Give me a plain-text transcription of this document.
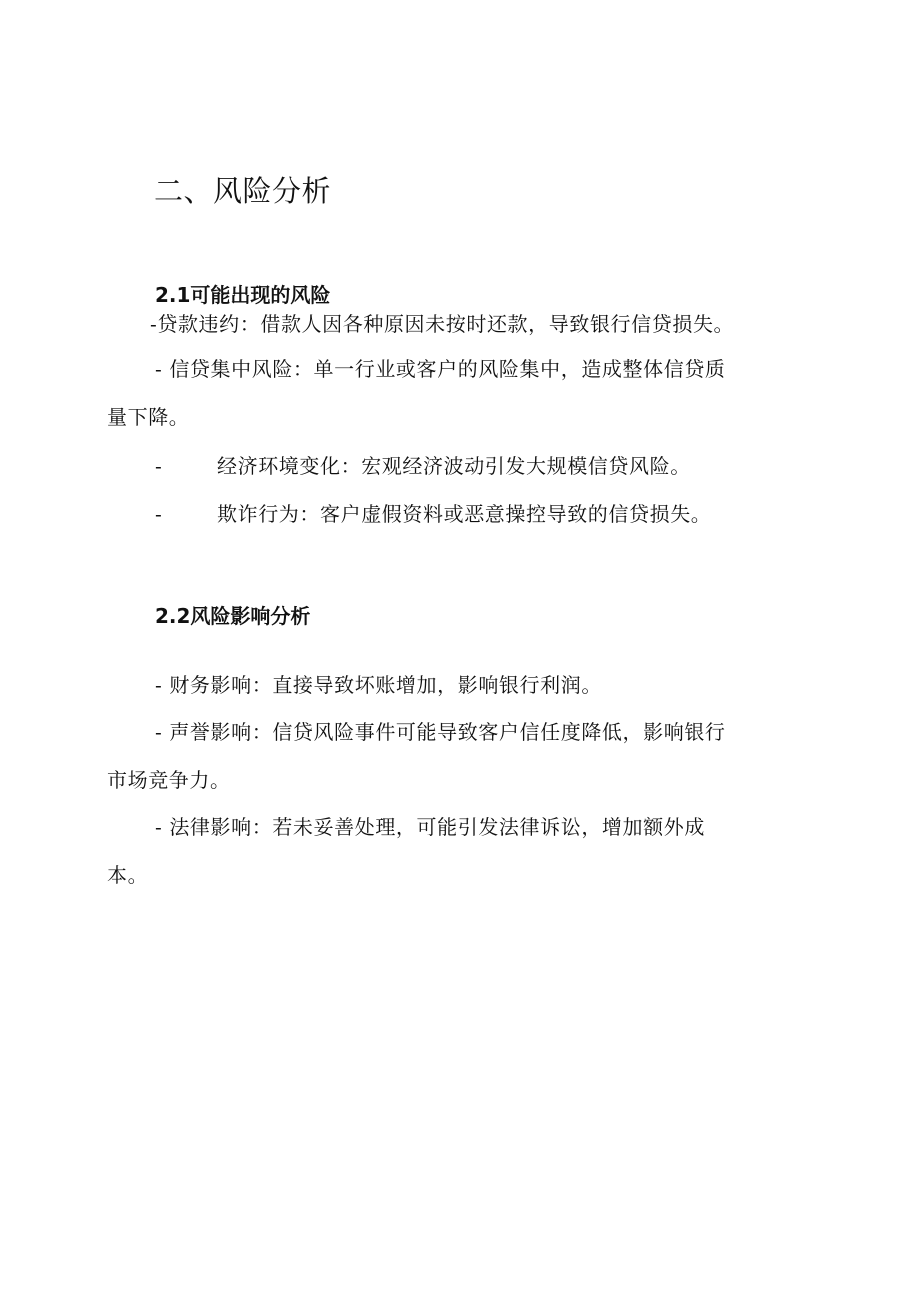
二、风险分析
2.1可能出现的风险
-贷款违约：借款人因各种原因未按时还款，导致银行信贷损失。
- 信贷集中风险：单一行业或客户的风险集中，造成整体信贷质
量下降。
-	经济环境变化：宏观经济波动引发大规模信贷风险。
-	欺诈行为：客户虚假资料或恶意操控导致的信贷损失。
2.2风险影响分析
- 财务影响：直接导致坏账增加，影响银行利润。
- 声誉影响：信贷风险事件可能导致客户信任度降低，影响银行
市场竞争力。
- 法律影响：若未妥善处理，可能引发法律诉讼，增加额外成
本。
